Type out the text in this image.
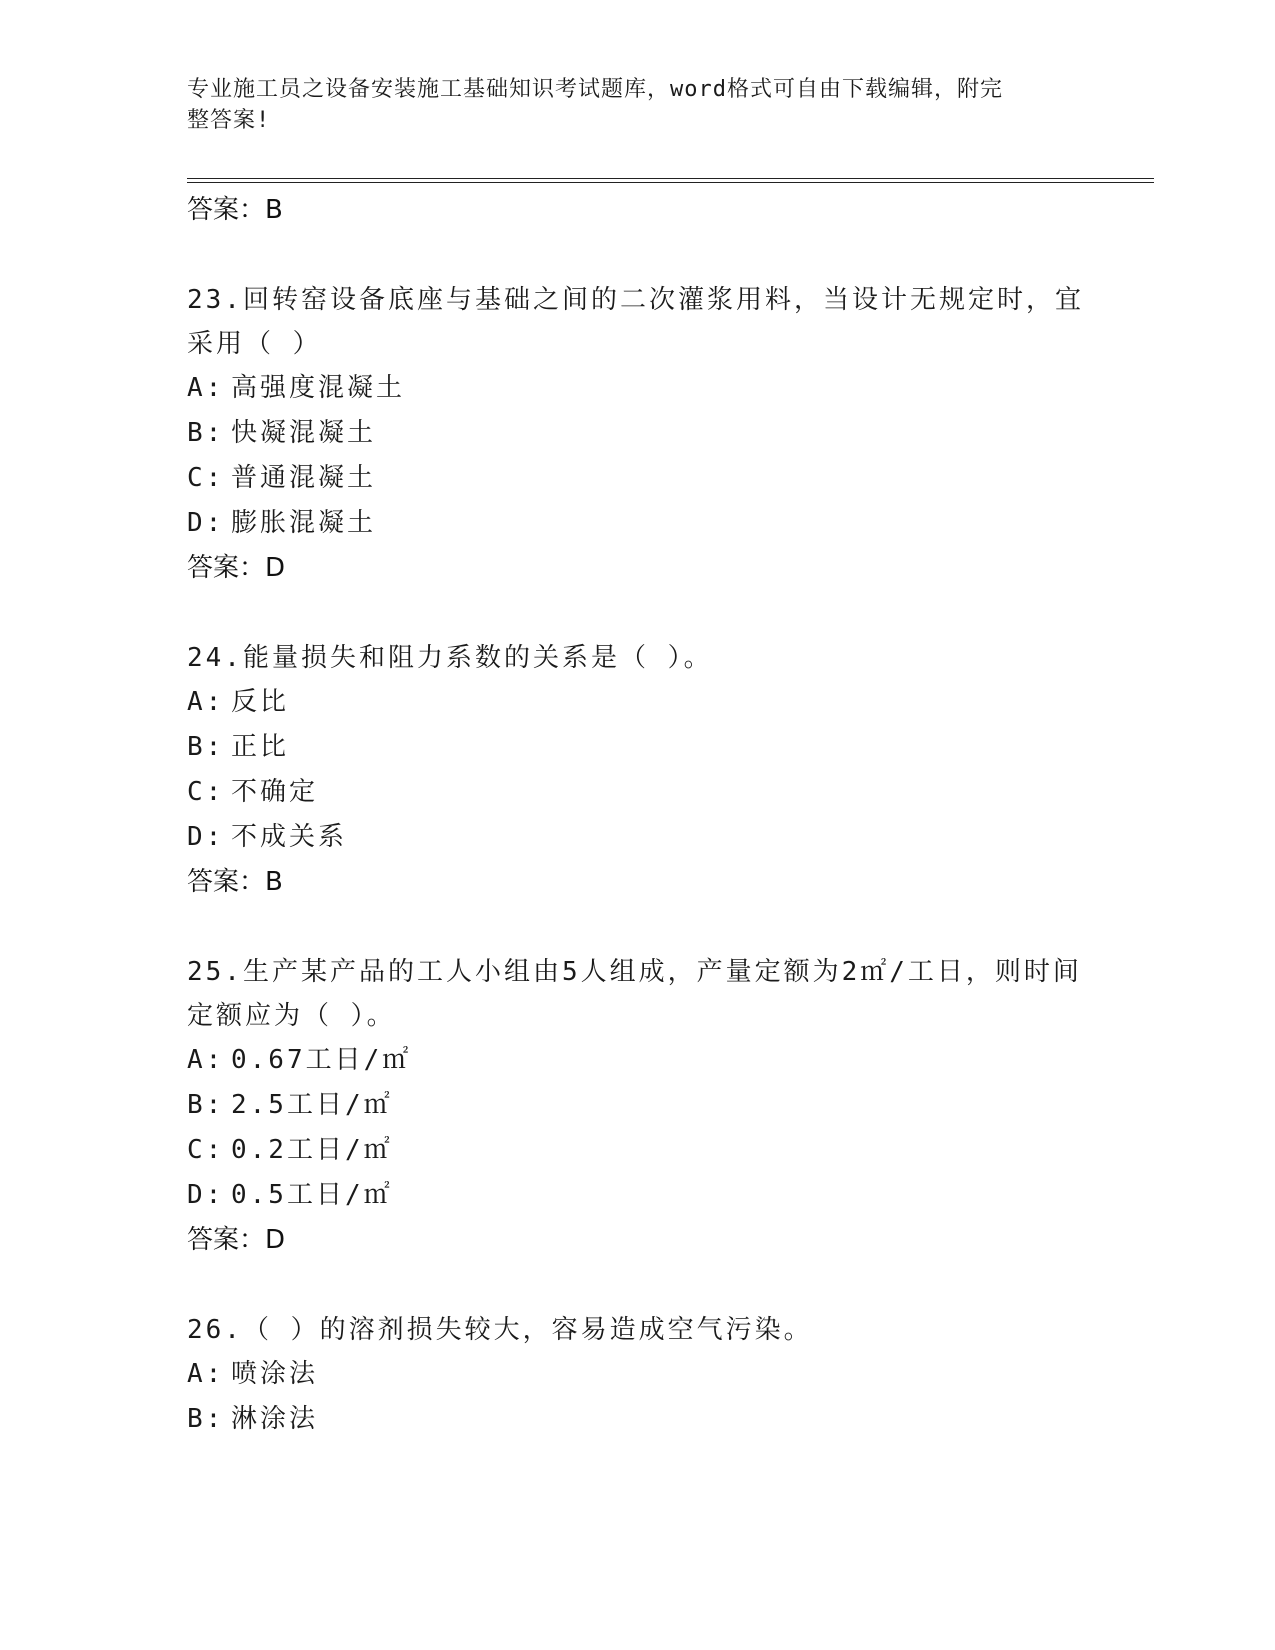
专业施工员之设备安装施工基础知识考试题库，word格式可自由下载编辑，附完
整答案!
答案：B
23.回转窑设备底座与基础之间的二次灌浆用料，当设计无规定时，宜
采用（ ）
A: 高强度混凝土
B: 快凝混凝土
C: 普通混凝土
D: 膨胀混凝土
答案：D
24.能量损失和阻力系数的关系是（ ）。
A: 反比
B: 正比
C: 不确定
D: 不成关系
答案：B
25.生产某产品的工人小组由5人组成，产量定额为2㎡/工日，则时间
定额应为（ ）。
A: 0.67工日/㎡
B: 2.5工日/㎡
C: 0.2工日/㎡
D: 0.5工日/㎡
答案：D
26.（ ）的溶剂损失较大，容易造成空气污染。
A: 喷涂法
B: 淋涂法
